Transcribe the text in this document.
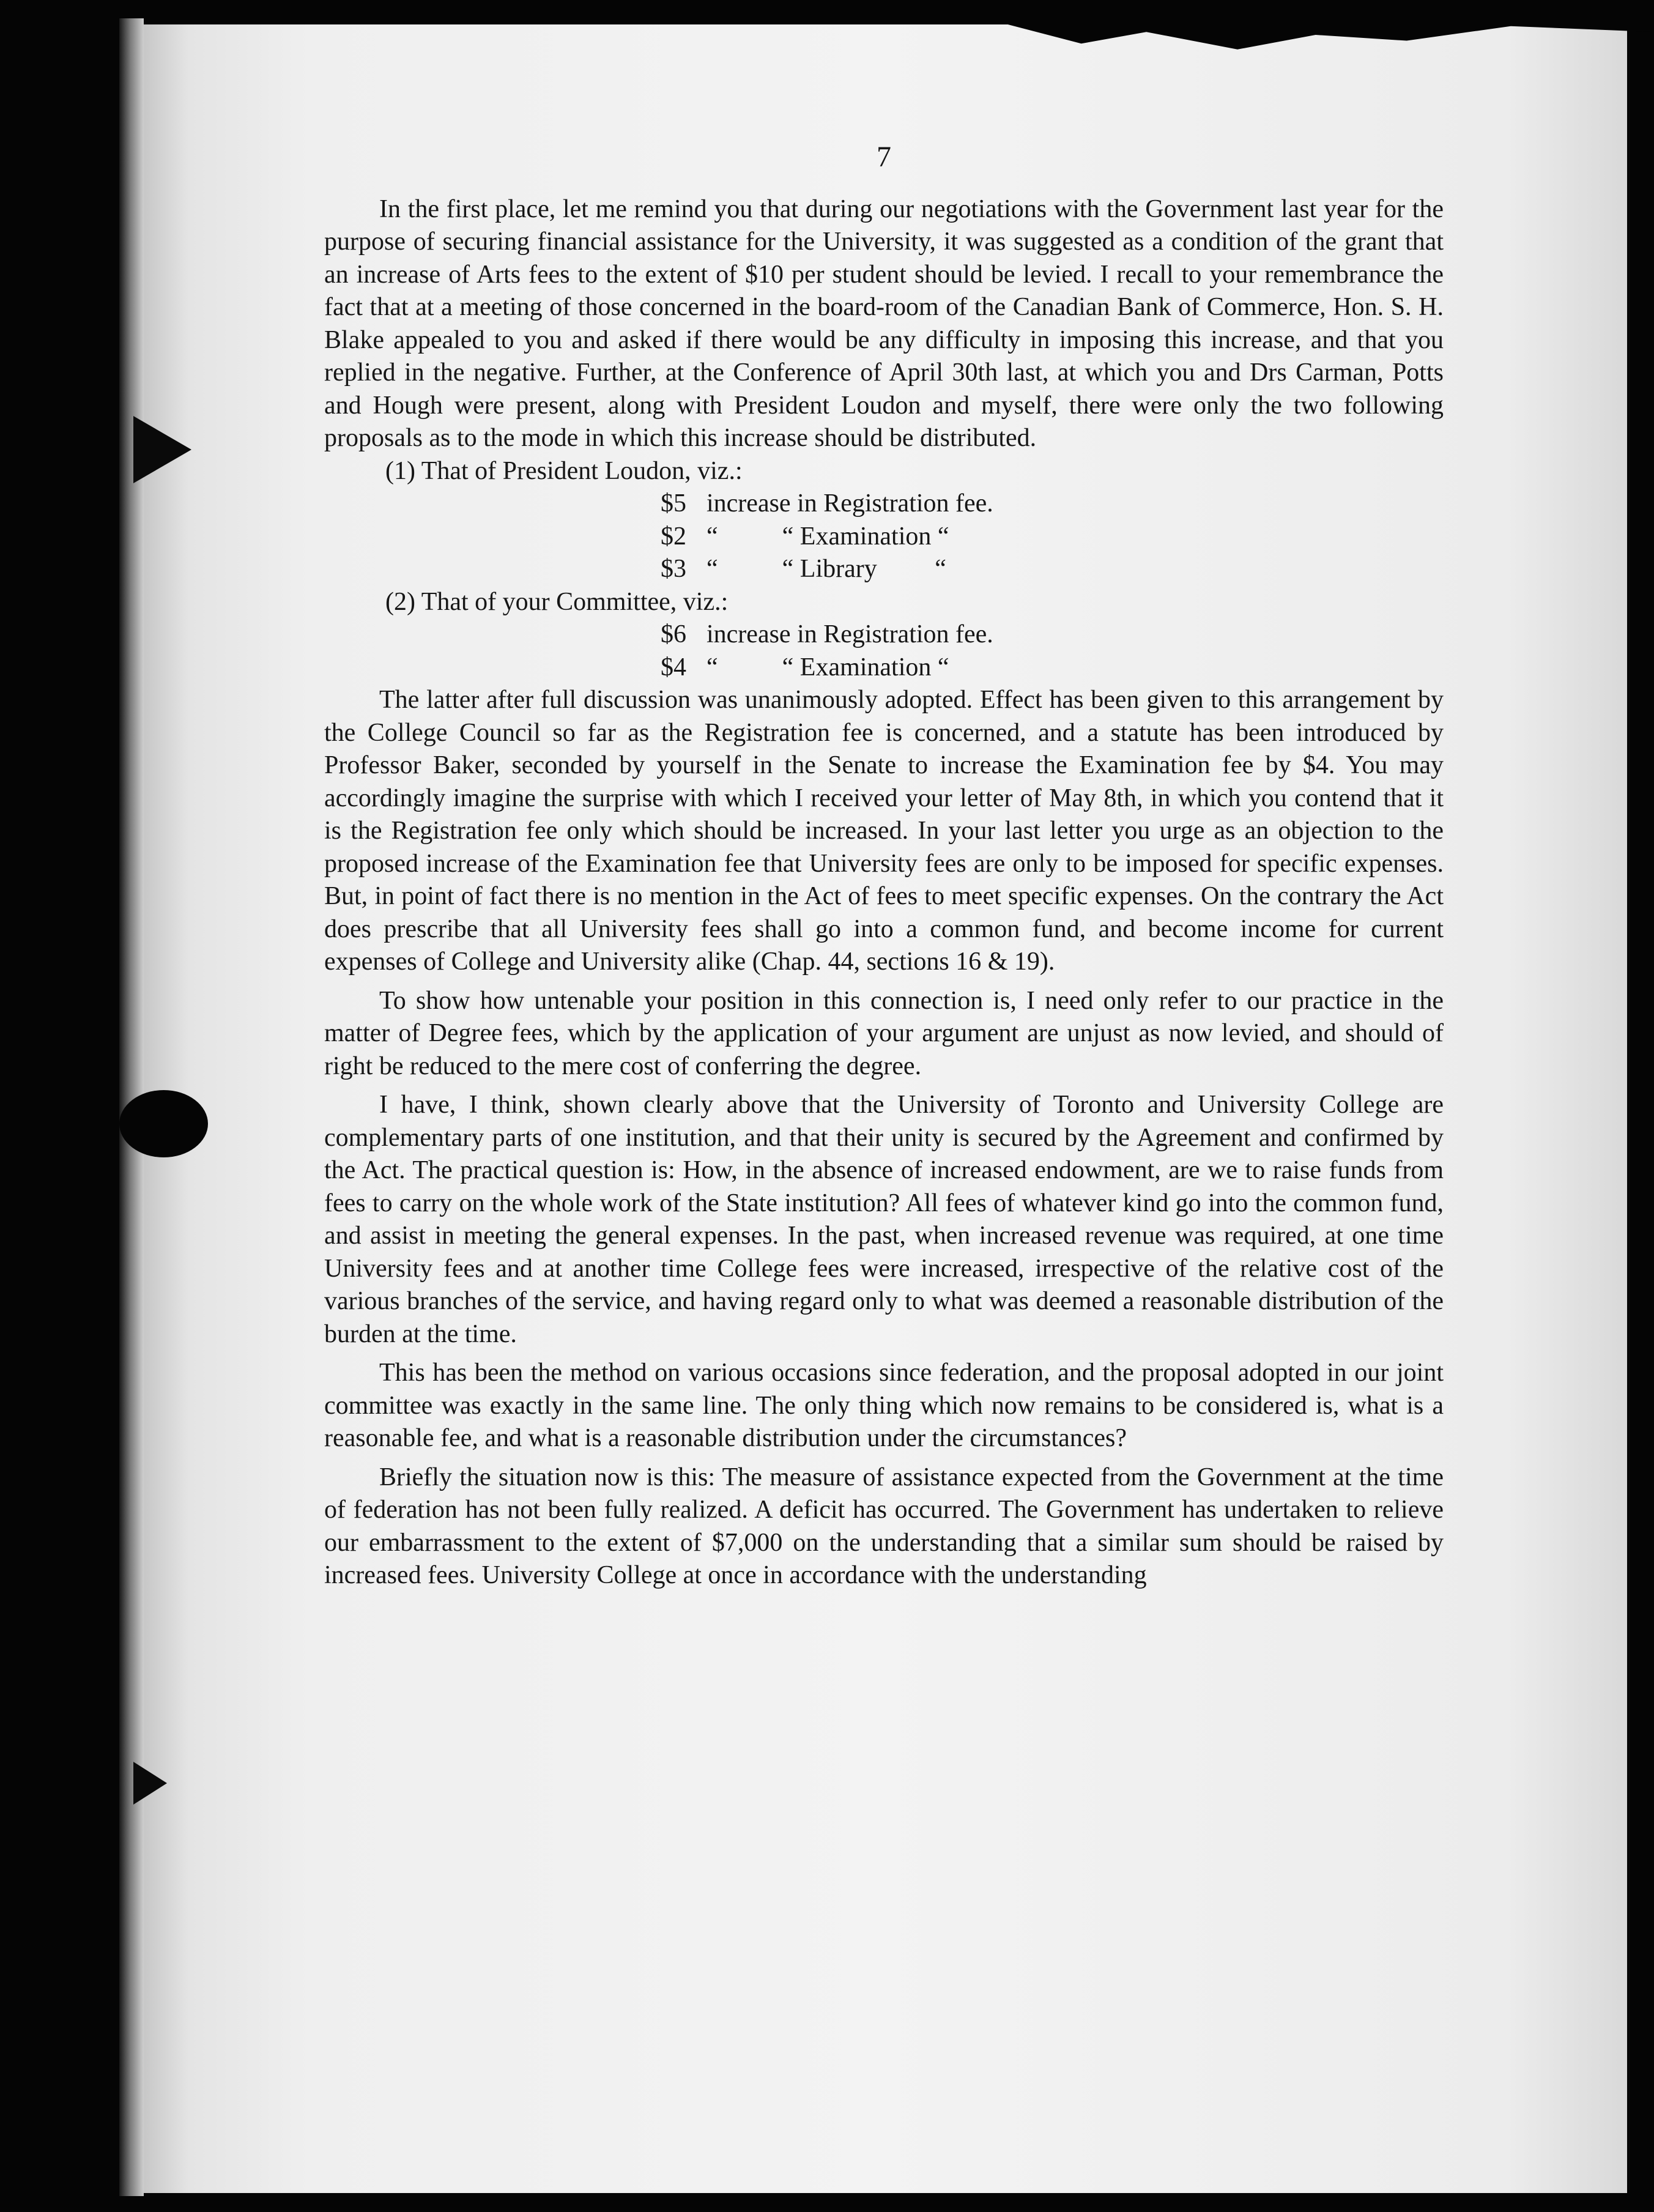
7

In the first place, let me remind you that during our negotiations with the Government last year for the purpose of securing financial assistance for the University, it was suggested as a condition of the grant that an increase of Arts fees to the extent of $10 per student should be levied. I recall to your remembrance the fact that at a meeting of those concerned in the board-room of the Canadian Bank of Commerce, Hon. S. H. Blake appealed to you and asked if there would be any difficulty in imposing this increase, and that you replied in the negative. Further, at the Conference of April 30th last, at which you and Drs Carman, Potts and Hough were present, along with President Loudon and myself, there were only the two following proposals as to the mode in which this increase should be distributed.

(1) That of President Loudon, viz.:

$5 increase in Registration fee.
$2 “          “ Examination “
$3 “          “ Library         “

(2) That of your Committee, viz.:

$6 increase in Registration fee.
$4 “          “ Examination “

The latter after full discussion was unanimously adopted. Effect has been given to this arrangement by the College Council so far as the Registration fee is concerned, and a statute has been introduced by Professor Baker, seconded by yourself in the Senate to increase the Examination fee by $4. You may accordingly imagine the surprise with which I received your letter of May 8th, in which you contend that it is the Registration fee only which should be increased. In your last letter you urge as an objection to the proposed increase of the Examination fee that University fees are only to be imposed for specific expenses. But, in point of fact there is no mention in the Act of fees to meet specific expenses. On the contrary the Act does prescribe that all University fees shall go into a common fund, and become income for current expenses of College and University alike (Chap. 44, sections 16 & 19).

To show how untenable your position in this connection is, I need only refer to our practice in the matter of Degree fees, which by the application of your argument are unjust as now levied, and should of right be reduced to the mere cost of conferring the degree.

I have, I think, shown clearly above that the University of Toronto and University College are complementary parts of one institution, and that their unity is secured by the Agreement and confirmed by the Act. The practical question is: How, in the absence of increased endowment, are we to raise funds from fees to carry on the whole work of the State institution? All fees of whatever kind go into the common fund, and assist in meeting the general expenses. In the past, when increased revenue was required, at one time University fees and at another time College fees were increased, irrespective of the relative cost of the various branches of the service, and having regard only to what was deemed a reasonable distribution of the burden at the time.

This has been the method on various occasions since federation, and the proposal adopted in our joint committee was exactly in the same line. The only thing which now remains to be considered is, what is a reasonable fee, and what is a reasonable distribution under the circumstances?

Briefly the situation now is this: The measure of assistance expected from the Government at the time of federation has not been fully realized. A deficit has occurred. The Government has undertaken to relieve our embarrassment to the extent of $7,000 on the understanding that a similar sum should be raised by increased fees. University College at once in accordance with the understanding
